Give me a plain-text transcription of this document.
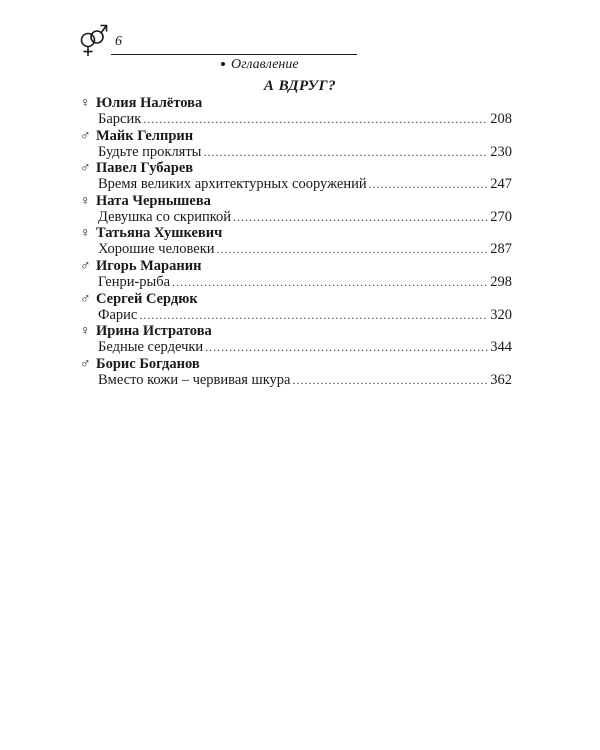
6
Оглавление
А ВДРУГ?
♀ Юлия Налётова
Барсик .....	208
♂ Майк Гелприн
Будьте прокляты .....	230
♂ Павел Губарев
Время великих архитектурных сооружений .....	247
♀ Ната Чернышева
Девушка со скрипкой .....	270
♀ Татьяна Хушкевич
Хорошие человеки .....	287
♂ Игорь Маранин
Генри-рыба .....	298
♂ Сергей Сердюк
Фарис .....	320
♀ Ирина Истратова
Бедные сердечки .....	344
♂ Борис Богданов
Вместо кожи – червивая шкура .....	362
